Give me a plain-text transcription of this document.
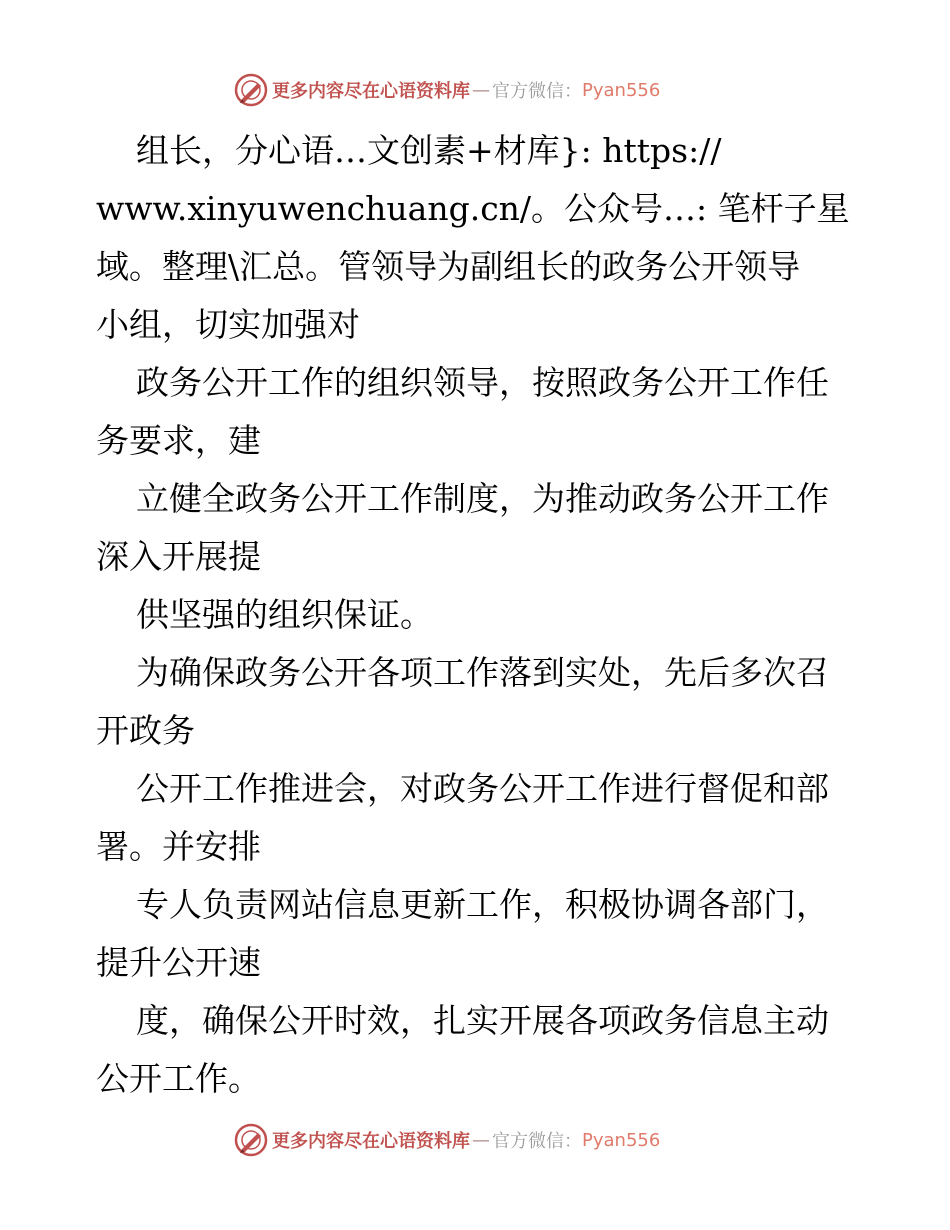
更多内容尽在心语资料库 — 官方微信： Pyan556
组长，分心语…文创素+材库}: https://
www.xinyuwenchuang.cn/。公众号…: 笔杆子星
域。整理\汇总。管领导为副组长的政务公开领导
小组，切实加强对
政务公开工作的组织领导，按照政务公开工作任
务要求，建
立健全政务公开工作制度，为推动政务公开工作
深入开展提
供坚强的组织保证。
为确保政务公开各项工作落到实处，先后多次召
开政务
公开工作推进会，对政务公开工作进行督促和部
署。并安排
专人负责网站信息更新工作，积极协调各部门，
提升公开速
度，确保公开时效，扎实开展各项政务信息主动
公开工作。
更多内容尽在心语资料库 — 官方微信： Pyan556
